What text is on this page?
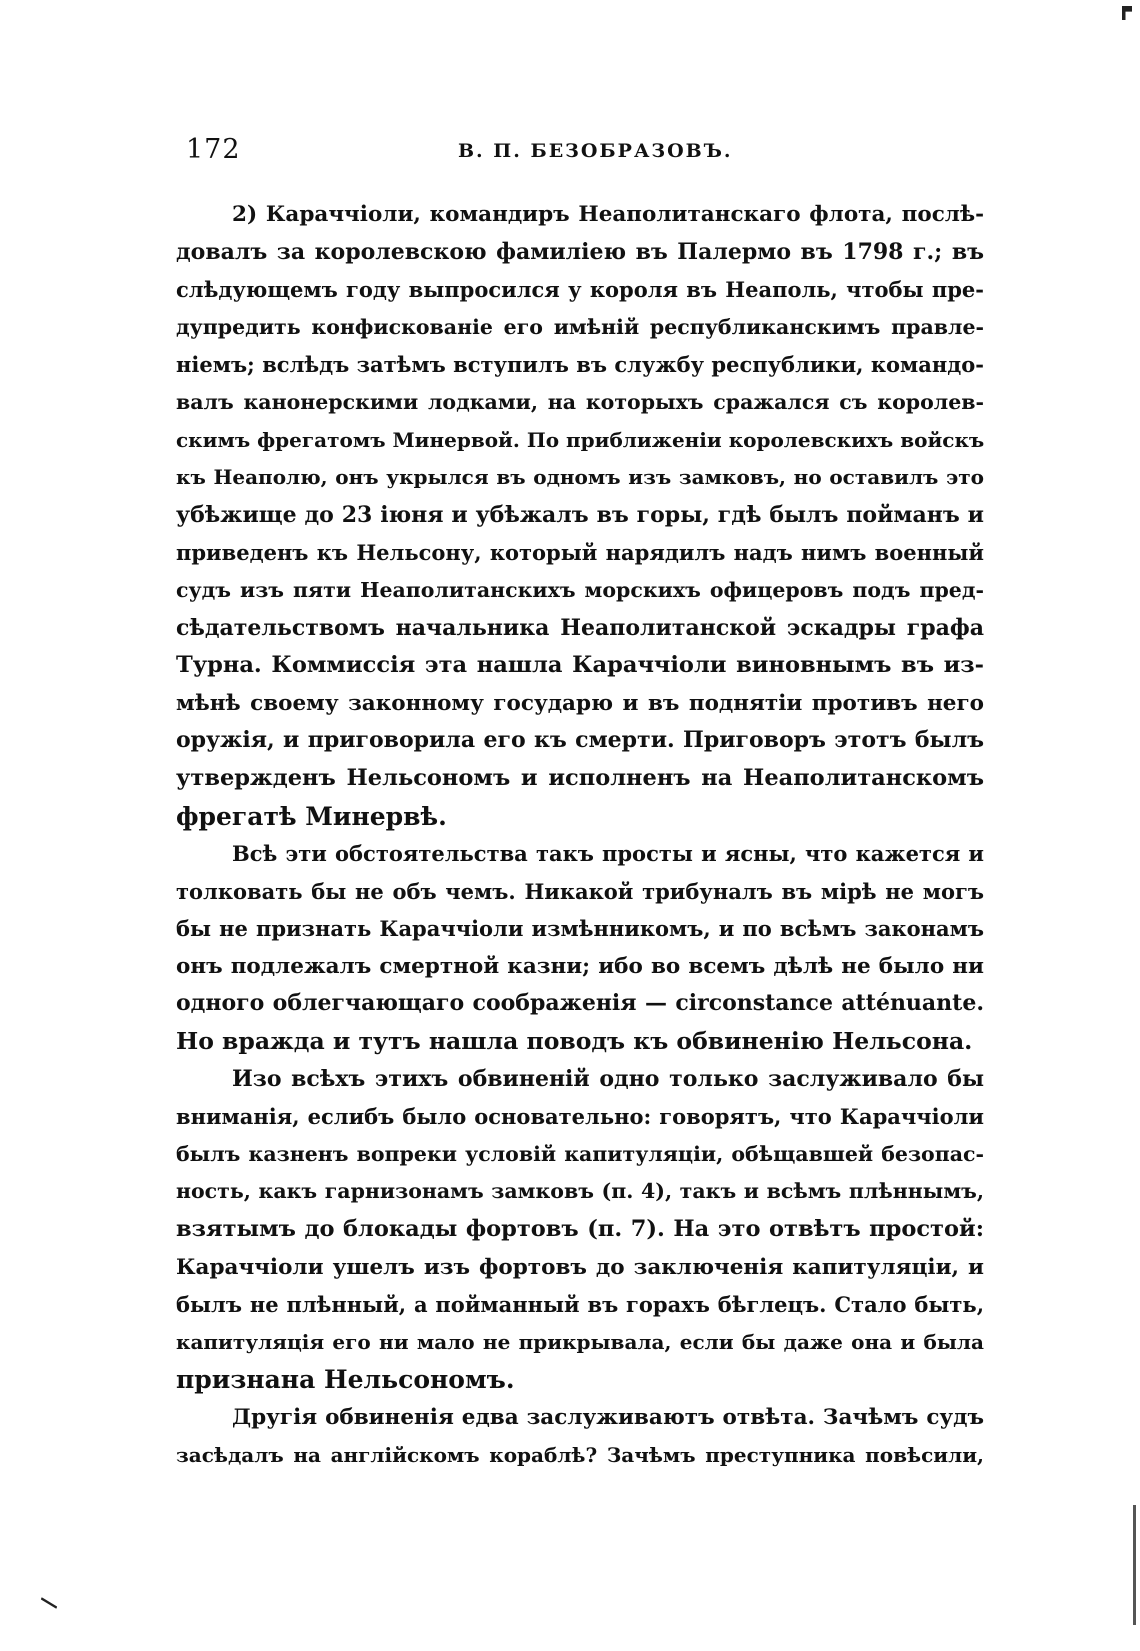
172	В. П. БЕЗОБРАЗОВЪ.
2) Караччіоли, командиръ Неаполитанскаго флота, послѣ-
довалъ за королевскою фамиліею въ Палермо въ 1798 г.; въ
слѣдующемъ году выпросился у короля въ Неаполь, чтобы пре-
дупредить конфискованіе его имѣній республиканскимъ правле-
ніемъ; вслѣдъ затѣмъ вступилъ въ службу республики, командо-
валъ канонерскими лодками, на которыхъ сражался съ королев-
скимъ фрегатомъ Минервой. По приближеніи королевскихъ войскъ
къ Неаполю, онъ укрылся въ одномъ изъ замковъ, но оставилъ это
убѣжище до 23 іюня и убѣжалъ въ горы, гдѣ былъ пойманъ и
приведенъ къ Нельсону, который нарядилъ надъ нимъ военный
судъ изъ пяти Неаполитанскихъ морскихъ офицеровъ подъ пред-
сѣдательствомъ начальника Неаполитанской эскадры графа
Турна. Коммиссія эта нашла Караччіоли виновнымъ въ из-
мѣнѣ своему законному государю и въ поднятіи противъ него
оружія, и приговорила его къ смерти. Приговоръ этотъ былъ
утвержденъ Нельсономъ и исполненъ на Неаполитанскомъ
фрегатѣ Минервѣ.
Всѣ эти обстоятельства такъ просты и ясны, что кажется и
толковать бы не объ чемъ. Никакой трибуналъ въ мірѣ не могъ
бы не признать Караччіоли измѣнникомъ, и по всѣмъ законамъ
онъ подлежалъ смертной казни; ибо во всемъ дѣлѣ не было ни
одного облегчающаго соображенія — circonstance atténuante.
Но вражда и тутъ нашла поводъ къ обвиненію Нельсона.
Изо всѣхъ этихъ обвиненій одно только заслуживало бы
вниманія, еслибъ было основательно: говорятъ, что Караччіоли
былъ казненъ вопреки условій капитуляціи, обѣщавшей безопас-
ность, какъ гарнизонамъ замковъ (п. 4), такъ и всѣмъ плѣннымъ,
взятымъ до блокады фортовъ (п. 7). На это отвѣтъ простой:
Караччіоли ушелъ изъ фортовъ до заключенія капитуляціи, и
былъ не плѣнный, а пойманный въ горахъ бѣглецъ. Стало быть,
капитуляція его ни мало не прикрывала, если бы даже она и была
признана Нельсономъ.
Другія обвиненія едва заслуживаютъ отвѣта. Зачѣмъ судъ
засѣдалъ на англійскомъ кораблѣ? Зачѣмъ преступника повѣсили,
